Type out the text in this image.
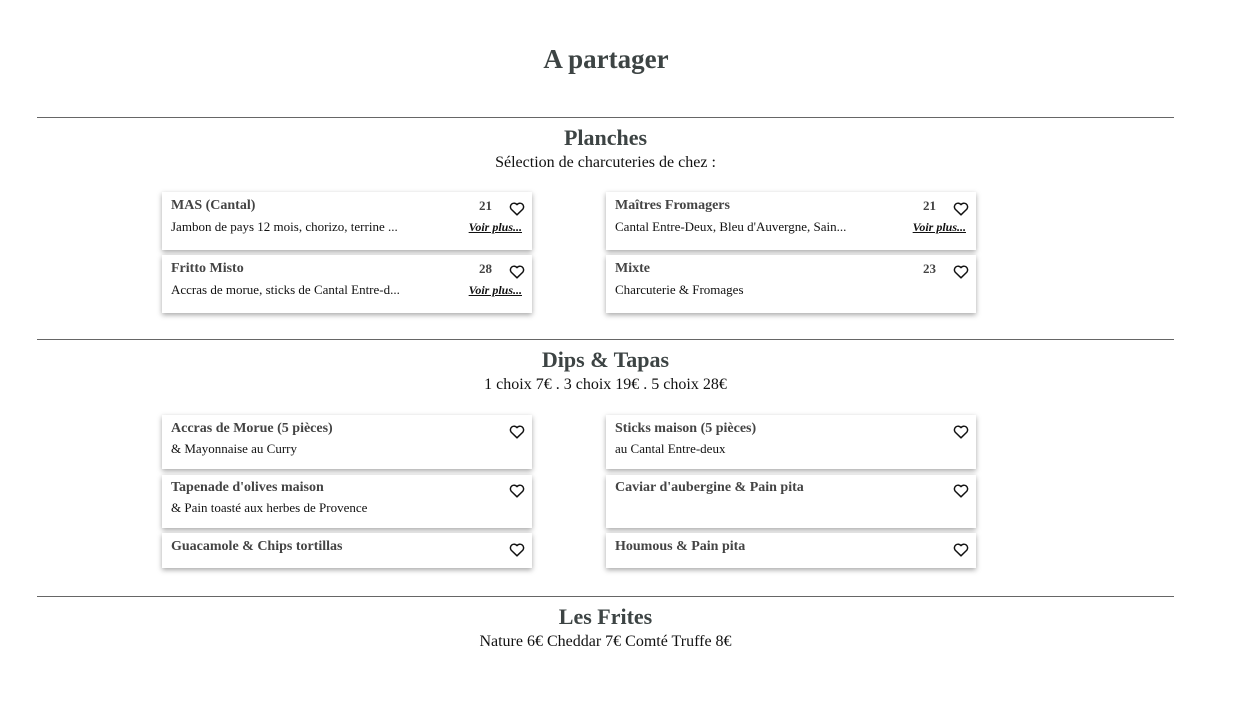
A partager
Planches
Sélection de charcuteries de chez :
MAS (Cantal)	21
Jambon de pays 12 mois, chorizo, terrine ...	Voir plus...
Maîtres Fromagers	21
Cantal Entre-Deux, Bleu d'Auvergne, Sain...	Voir plus...
Fritto Misto	28
Accras de morue, sticks de Cantal Entre-d...	Voir plus...
Mixte	23
Charcuterie & Fromages
Dips & Tapas
1 choix 7€ . 3 choix 19€ . 5 choix 28€
Accras de Morue (5 pièces)
& Mayonnaise au Curry
Sticks maison (5 pièces)
au Cantal Entre-deux
Tapenade d'olives maison
& Pain toasté aux herbes de Provence
Caviar d'aubergine & Pain pita
Guacamole & Chips tortillas	Houmous & Pain pita
Les Frites
Nature 6€ Cheddar 7€ Comté Truffe 8€
